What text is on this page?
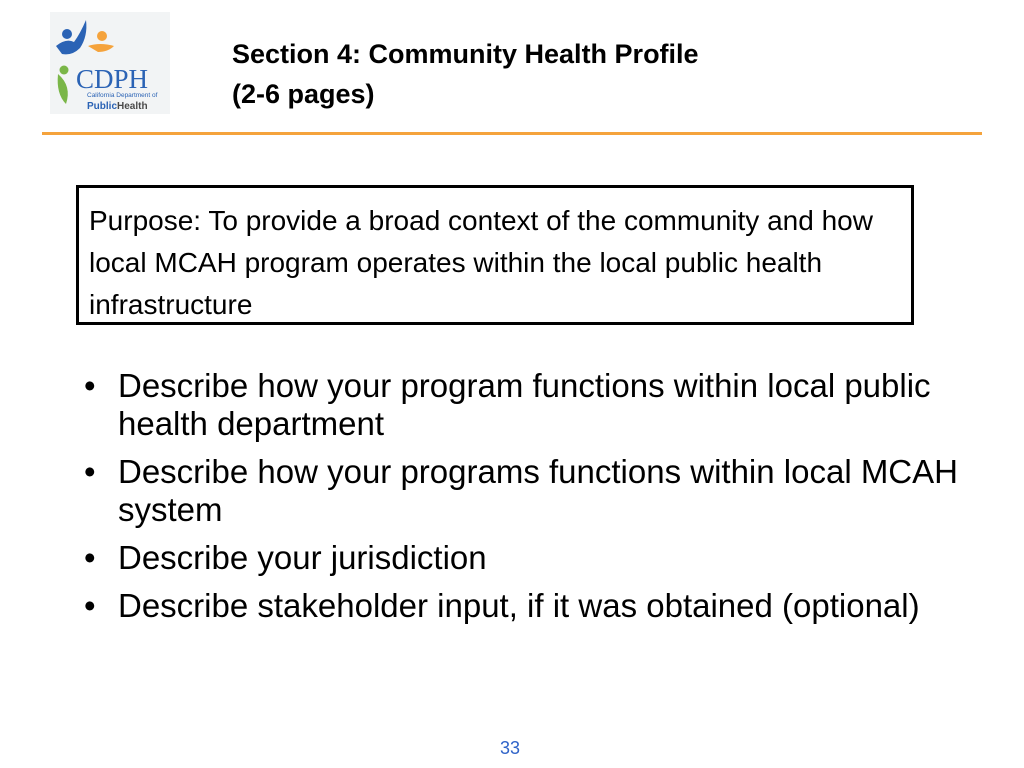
CDPH
California Department of
PublicHealth
Section 4: Community Health Profile
(2-6 pages)
Purpose: To provide a broad context of the community and how local MCAH program operates within the local public health infrastructure
• Describe how your program functions within local public health department
• Describe how your programs functions within local MCAH system
• Describe your jurisdiction
• Describe stakeholder input, if it was obtained (optional)
33
